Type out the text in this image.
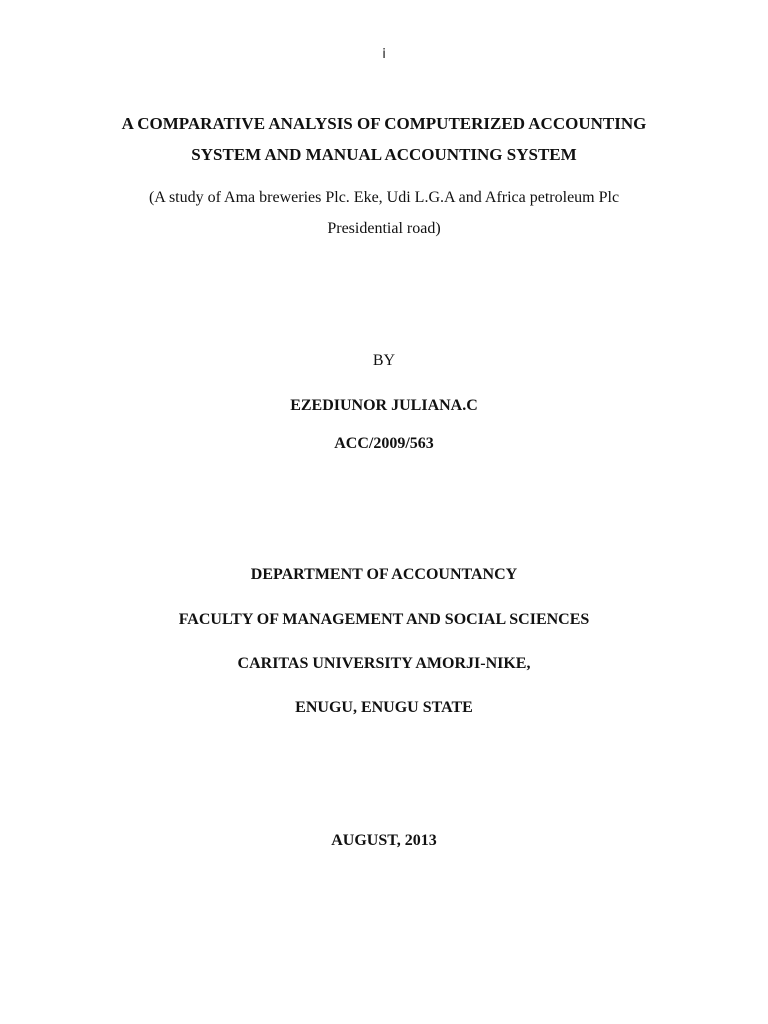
i
A COMPARATIVE ANALYSIS OF COMPUTERIZED ACCOUNTING
SYSTEM AND MANUAL ACCOUNTING SYSTEM
(A study of Ama breweries Plc. Eke, Udi L.G.A and Africa petroleum Plc
Presidential road)
BY
EZEDIUNOR JULIANA.C
ACC/2009/563
DEPARTMENT OF ACCOUNTANCY
FACULTY OF MANAGEMENT AND SOCIAL SCIENCES
CARITAS UNIVERSITY AMORJI-NIKE,
ENUGU, ENUGU STATE
AUGUST, 2013
